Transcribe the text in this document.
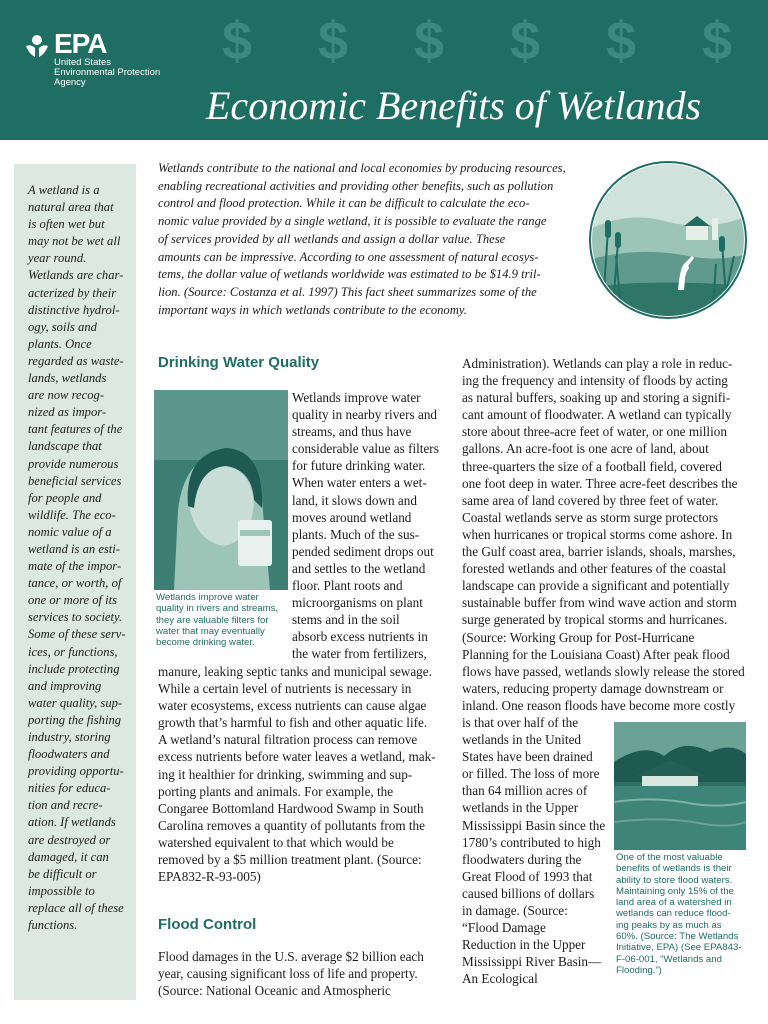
$ $ $ $ $ $
EPA
United States
Environmental Protection
Agency
Economic Benefits of Wetlands
A wetland is a
natural area that
is often wet but
may not be wet all
year round.
Wetlands are char-
acterized by their
distinctive hydrol-
ogy, soils and
plants. Once
regarded as waste-
lands, wetlands
are now recog-
nized as impor-
tant features of the
landscape that
provide numerous
beneficial services
for people and
wildlife. The eco-
nomic value of a
wetland is an esti-
mate of the impor-
tance, or worth, of
one or more of its
services to society.
Some of these serv-
ices, or functions,
include protecting
and improving
water quality, sup-
porting the fishing
industry, storing
floodwaters and
providing opportu-
nities for educa-
tion and recre-
ation. If wetlands
are destroyed or
damaged, it can
be difficult or
impossible to
replace all of these
functions.
Wetlands contribute to the national and local economies by producing resources,
enabling recreational activities and providing other benefits, such as pollution
control and flood protection. While it can be difficult to calculate the eco-
nomic value provided by a single wetland, it is possible to evaluate the range
of services provided by all wetlands and assign a dollar value. These
amounts can be impressive. According to one assessment of natural ecosys-
tems, the dollar value of wetlands worldwide was estimated to be $14.9 tril-
lion. (Source: Costanza et al. 1997) This fact sheet summarizes some of the
important ways in which wetlands contribute to the economy.
Drinking Water Quality
Wetlands improve water
quality in nearby rivers and
streams, and thus have
considerable value as filters
for future drinking water.
When water enters a wet-
land, it slows down and
moves around wetland
plants. Much of the sus-
pended sediment drops out
and settles to the wetland
floor. Plant roots and
microorganisms on plant
stems and in the soil
absorb excess nutrients in
the water from fertilizers,
Wetlands improve water
quality in rivers and streams,
they are valuable filters for
water that may eventually
become drinking water.
manure, leaking septic tanks and municipal sewage.
While a certain level of nutrients is necessary in
water ecosystems, excess nutrients can cause algae
growth that’s harmful to fish and other aquatic life.
A wetland’s natural filtration process can remove
excess nutrients before water leaves a wetland, mak-
ing it healthier for drinking, swimming and sup-
porting plants and animals. For example, the
Congaree Bottomland Hardwood Swamp in South
Carolina removes a quantity of pollutants from the
watershed equivalent to that which would be
removed by a $5 million treatment plant. (Source:
EPA832-R-93-005)
Flood Control
Flood damages in the U.S. average $2 billion each
year, causing significant loss of life and property.
(Source: National Oceanic and Atmospheric
Administration). Wetlands can play a role in reduc-
ing the frequency and intensity of floods by acting
as natural buffers, soaking up and storing a signifi-
cant amount of floodwater. A wetland can typically
store about three-acre feet of water, or one million
gallons. An acre-foot is one acre of land, about
three-quarters the size of a football field, covered
one foot deep in water. Three acre-feet describes the
same area of land covered by three feet of water.
Coastal wetlands serve as storm surge protectors
when hurricanes or tropical storms come ashore. In
the Gulf coast area, barrier islands, shoals, marshes,
forested wetlands and other features of the coastal
landscape can provide a significant and potentially
sustainable buffer from wind wave action and storm
surge generated by tropical storms and hurricanes.
(Source: Working Group for Post-Hurricane
Planning for the Louisiana Coast) After peak flood
flows have passed, wetlands slowly release the stored
waters, reducing property damage downstream or
inland. One reason floods have become more costly
is that over half of the
wetlands in the United
States have been drained
or filled. The loss of more
than 64 million acres of
wetlands in the Upper
Mississippi Basin since the
1780’s contributed to high
floodwaters during the
Great Flood of 1993 that
caused billions of dollars
in damage. (Source:
“Flood Damage
Reduction in the Upper
Mississippi River Basin—
An Ecological
One of the most valuable
benefits of wetlands is their
ability to store flood waters.
Maintaining only 15% of the
land area of a watershed in
wetlands can reduce flood-
ing peaks by as much as
60%. (Source: The Wetlands
Initiative, EPA) (See EPA843-
F-06-001, “Wetlands and
Flooding.”)
